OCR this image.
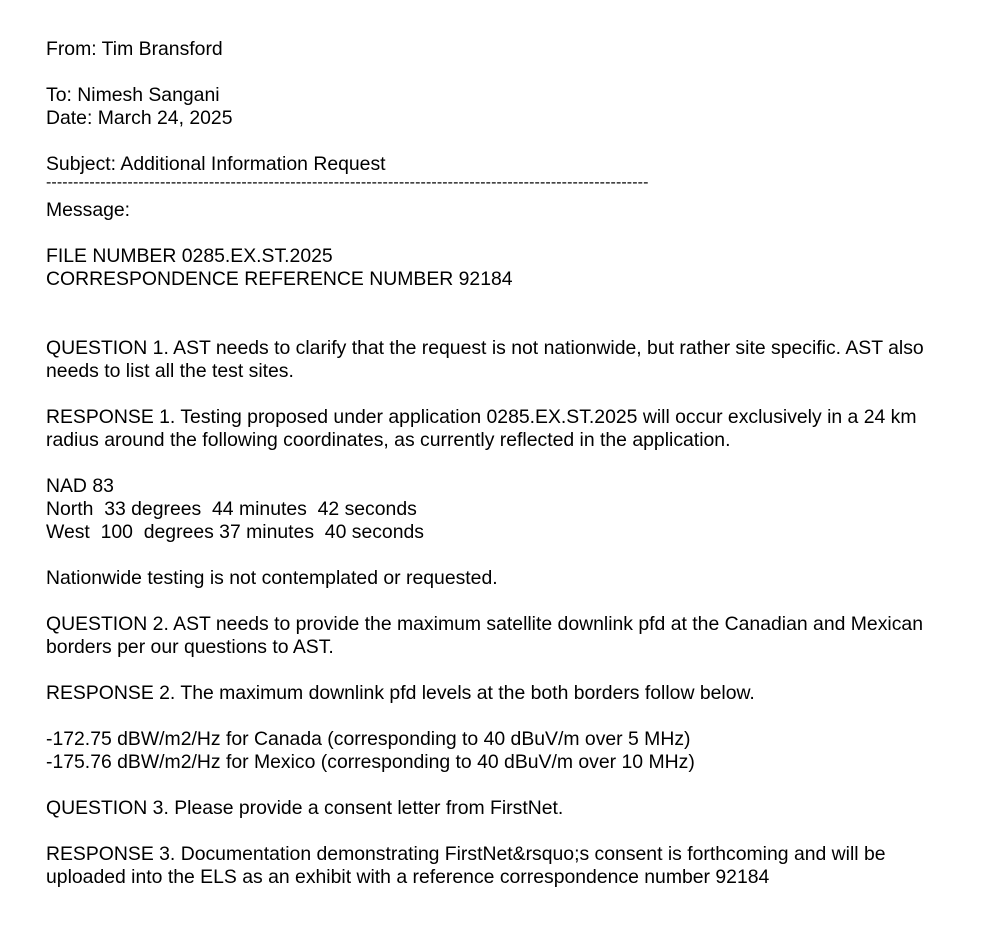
From: Tim Bransford
To: Nimesh Sangani
Date: March 24, 2025
Subject: Additional Information Request
---------------------------------------------------------------------------------------------------------------
Message:
FILE NUMBER 0285.EX.ST.2025
CORRESPONDENCE REFERENCE NUMBER 92184
QUESTION 1. AST needs to clarify that the request is not nationwide, but rather site specific. AST also needs to list all the test sites.
RESPONSE 1. Testing proposed under application 0285.EX.ST.2025 will occur exclusively in a 24 km radius around the following coordinates, as currently reflected in the application.
NAD 83
North  33 degrees  44 minutes  42 seconds
West  100  degrees 37 minutes  40 seconds
Nationwide testing is not contemplated or requested.
QUESTION 2. AST needs to provide the maximum satellite downlink pfd at the Canadian and Mexican borders per our questions to AST.
RESPONSE 2. The maximum downlink pfd levels at the both borders follow below.
-172.75 dBW/m2/Hz for Canada (corresponding to 40 dBuV/m over 5 MHz)
-175.76 dBW/m2/Hz for Mexico (corresponding to 40 dBuV/m over 10 MHz)
QUESTION 3. Please provide a consent letter from FirstNet.
RESPONSE 3. Documentation demonstrating FirstNet&rsquo;s consent is forthcoming and will be uploaded into the ELS as an exhibit with a reference correspondence number 92184
